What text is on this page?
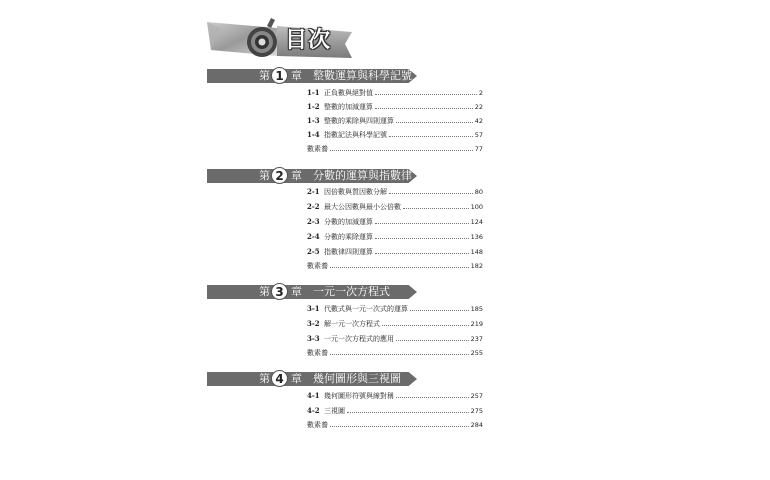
目次
第 1 章 整數運算與科學記號
1-1 正負數與絕對值	2
1-2 整數的加減運算	22
1-3 整數的乘除與四則運算	42
1-4 指數記法與科學記號	57
數素養	77
第 2 章 分數的運算與指數律
2-1 因倍數與質因數分解	80
2-2 最大公因數與最小公倍數	100
2-3 分數的加減運算	124
2-4 分數的乘除運算	136
2-5 指數律四則運算	148
數素養	182
第 3 章 一元一次方程式
3-1 代數式與一元一次式的運算	185
3-2 解一元一次方程式	219
3-3 一元一次方程式的應用	237
數素養	255
第 4 章 幾何圖形與三視圖
4-1 幾何圖形符號與線對稱	257
4-2 三視圖	275
數素養	284
